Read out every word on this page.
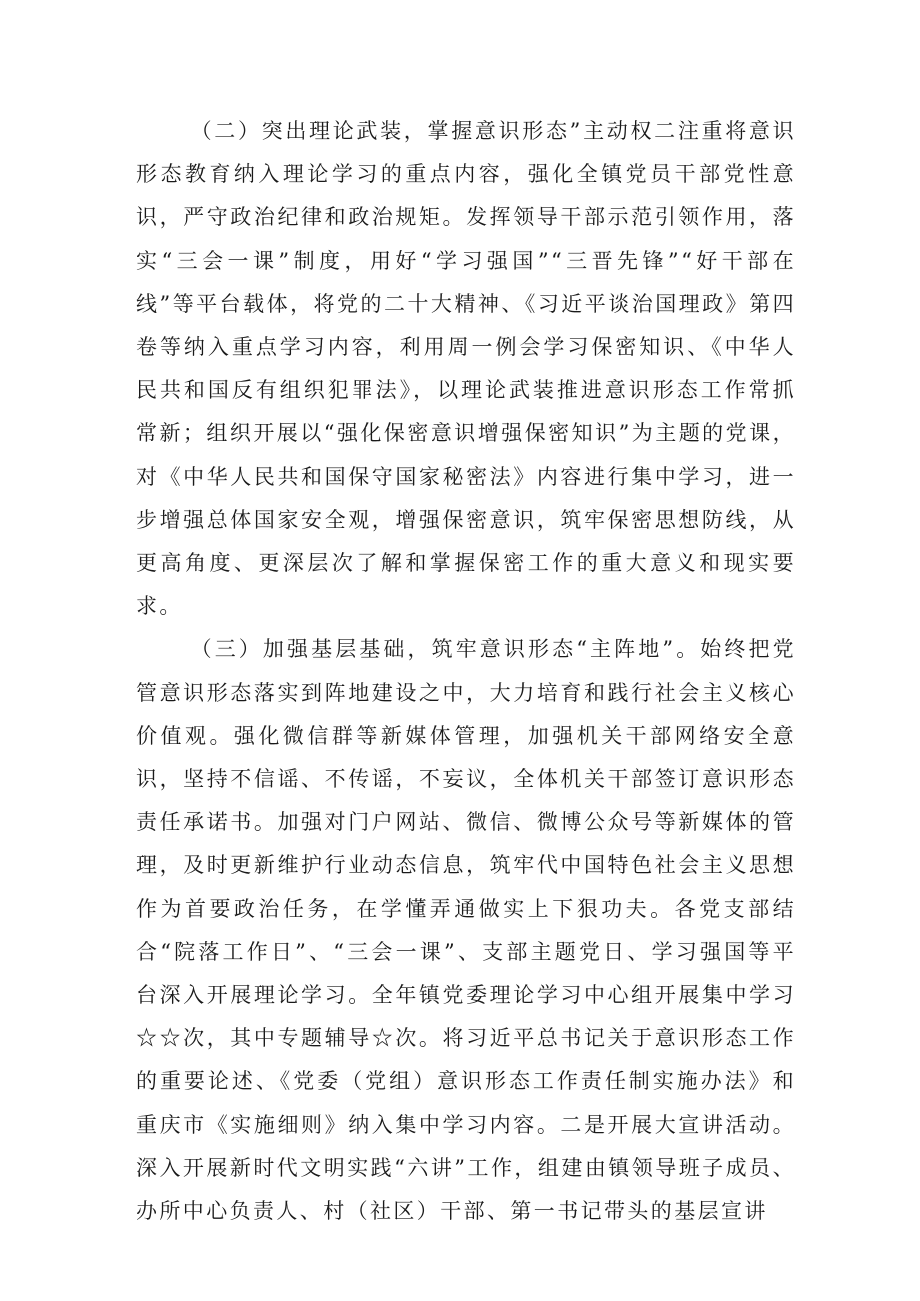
（二）突出理论武装，掌握意识形态”主动权二注重将意识形态教育纳入理论学习的重点内容，强化全镇党员干部党性意识，严守政治纪律和政治规矩。发挥领导干部示范引领作用，落实“三会一课”制度，用好“学习强国”“三晋先锋”“好干部在线”等平台载体，将党的二十大精神、《习近平谈治国理政》第四卷等纳入重点学习内容，利用周一例会学习保密知识、《中华人民共和国反有组织犯罪法》，以理论武装推进意识形态工作常抓常新；组织开展以“强化保密意识增强保密知识”为主题的党课，对《中华人民共和国保守国家秘密法》内容进行集中学习，进一步增强总体国家安全观，增强保密意识，筑牢保密思想防线，从更高角度、更深层次了解和掌握保密工作的重大意义和现实要求。

（三）加强基层基础，筑牢意识形态“主阵地”。始终把党管意识形态落实到阵地建设之中，大力培育和践行社会主义核心价值观。强化微信群等新媒体管理，加强机关干部网络安全意识，坚持不信谣、不传谣，不妄议，全体机关干部签订意识形态责任承诺书。加强对门户网站、微信、微博公众号等新媒体的管理，及时更新维护行业动态信息，筑牢代中国特色社会主义思想作为首要政治任务，在学懂弄通做实上下狠功夫。各党支部结合“院落工作日”、“三会一课”、支部主题党日、学习强国等平台深入开展理论学习。全年镇党委理论学习中心组开展集中学习☆☆次，其中专题辅导☆次。将习近平总书记关于意识形态工作的重要论述、《党委（党组）意识形态工作责任制实施办法》和重庆市《实施细则》纳入集中学习内容。二是开展大宣讲活动。深入开展新时代文明实践“六讲”工作，组建由镇领导班子成员、办所中心负责人、村（社区）干部、第一书记带头的基层宣讲
